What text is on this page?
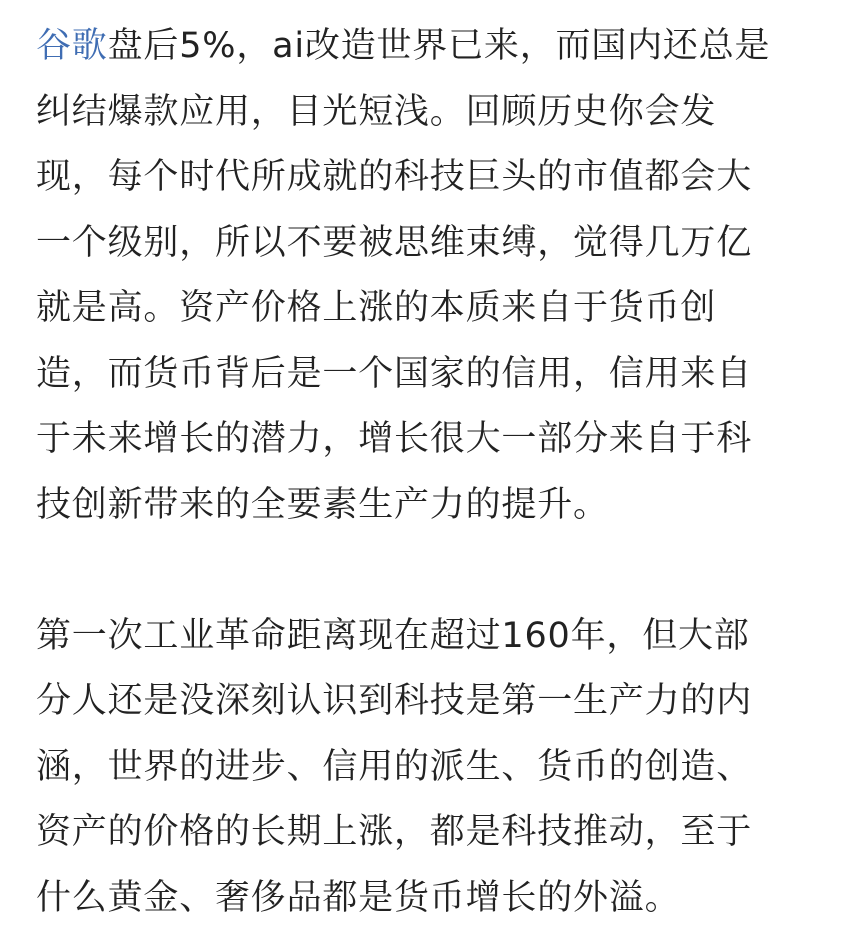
谷歌盘后5%，ai改造世界已来，而国内还总是
纠结爆款应用，目光短浅。回顾历史你会发
现，每个时代所成就的科技巨头的市值都会大
一个级别，所以不要被思维束缚，觉得几万亿
就是高。资产价格上涨的本质来自于货币创
造，而货币背后是一个国家的信用，信用来自
于未来增长的潜力，增长很大一部分来自于科
技创新带来的全要素生产力的提升。

第一次工业革命距离现在超过160年，但大部
分人还是没深刻认识到科技是第一生产力的内
涵，世界的进步、信用的派生、货币的创造、
资产的价格的长期上涨，都是科技推动，至于
什么黄金、奢侈品都是货币增长的外溢。
